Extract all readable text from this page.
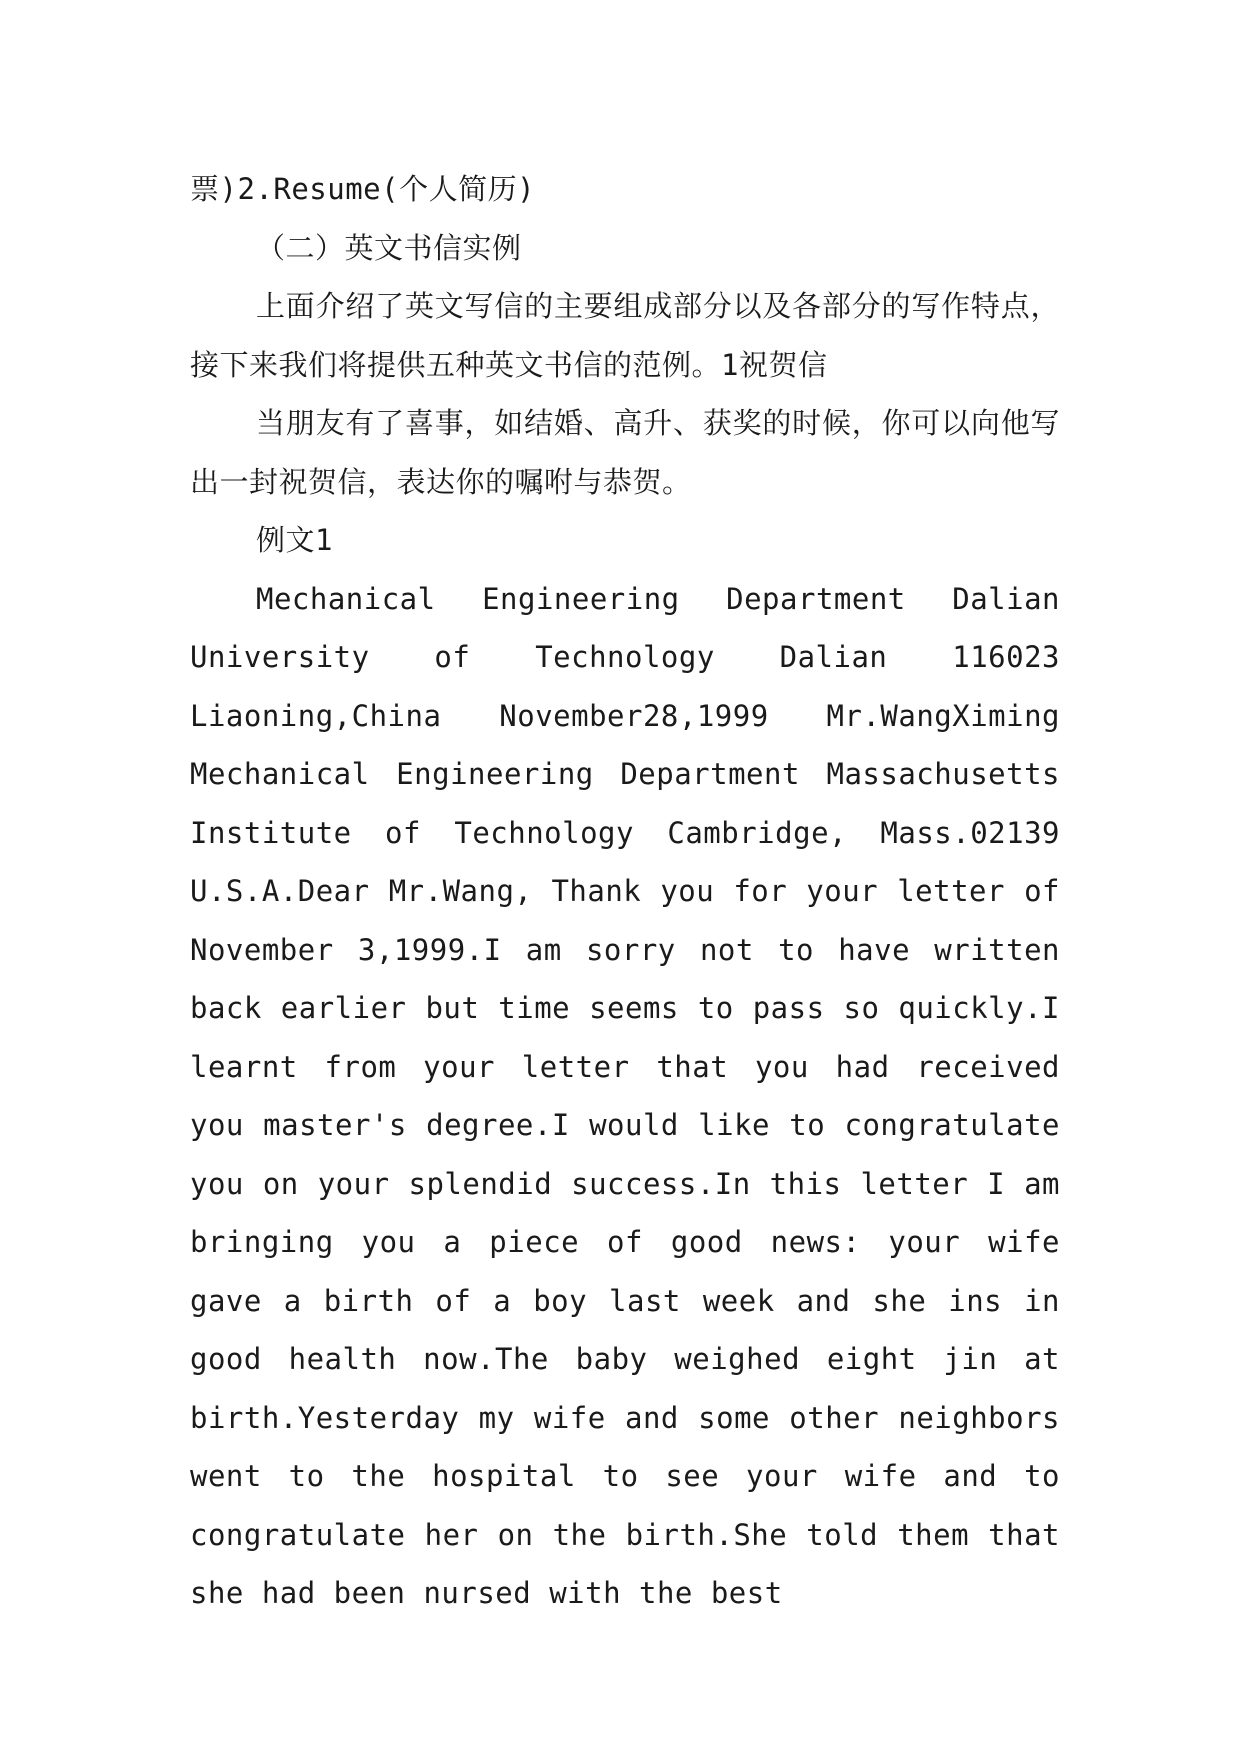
票)2.Resume(个人简历)

（二）英文书信实例

上面介绍了英文写信的主要组成部分以及各部分的写作特点，接下来我们将提供五种英文书信的范例。1祝贺信

当朋友有了喜事，如结婚、高升、获奖的时候，你可以向他写出一封祝贺信，表达你的嘱咐与恭贺。

例文1

Mechanical Engineering Department Dalian University of Technology Dalian 116023 Liaoning,China November28,1999 Mr.WangXiming Mechanical Engineering Department Massachusetts Institute of Technology Cambridge, Mass.02139 U.S.A.Dear Mr.Wang, Thank you for your letter of November 3,1999.I am sorry not to have written back earlier but time seems to pass so quickly.I learnt from your letter that you had received you master's degree.I would like to congratulate you on your splendid success.In this letter I am bringing you a piece of good news: your wife gave a birth of a boy last week and she ins in good health now.The baby weighed eight jin at birth.Yesterday my wife and some other neighbors went to the hospital to see your wife and to congratulate her on the birth.She told them that she had been nursed with the best
